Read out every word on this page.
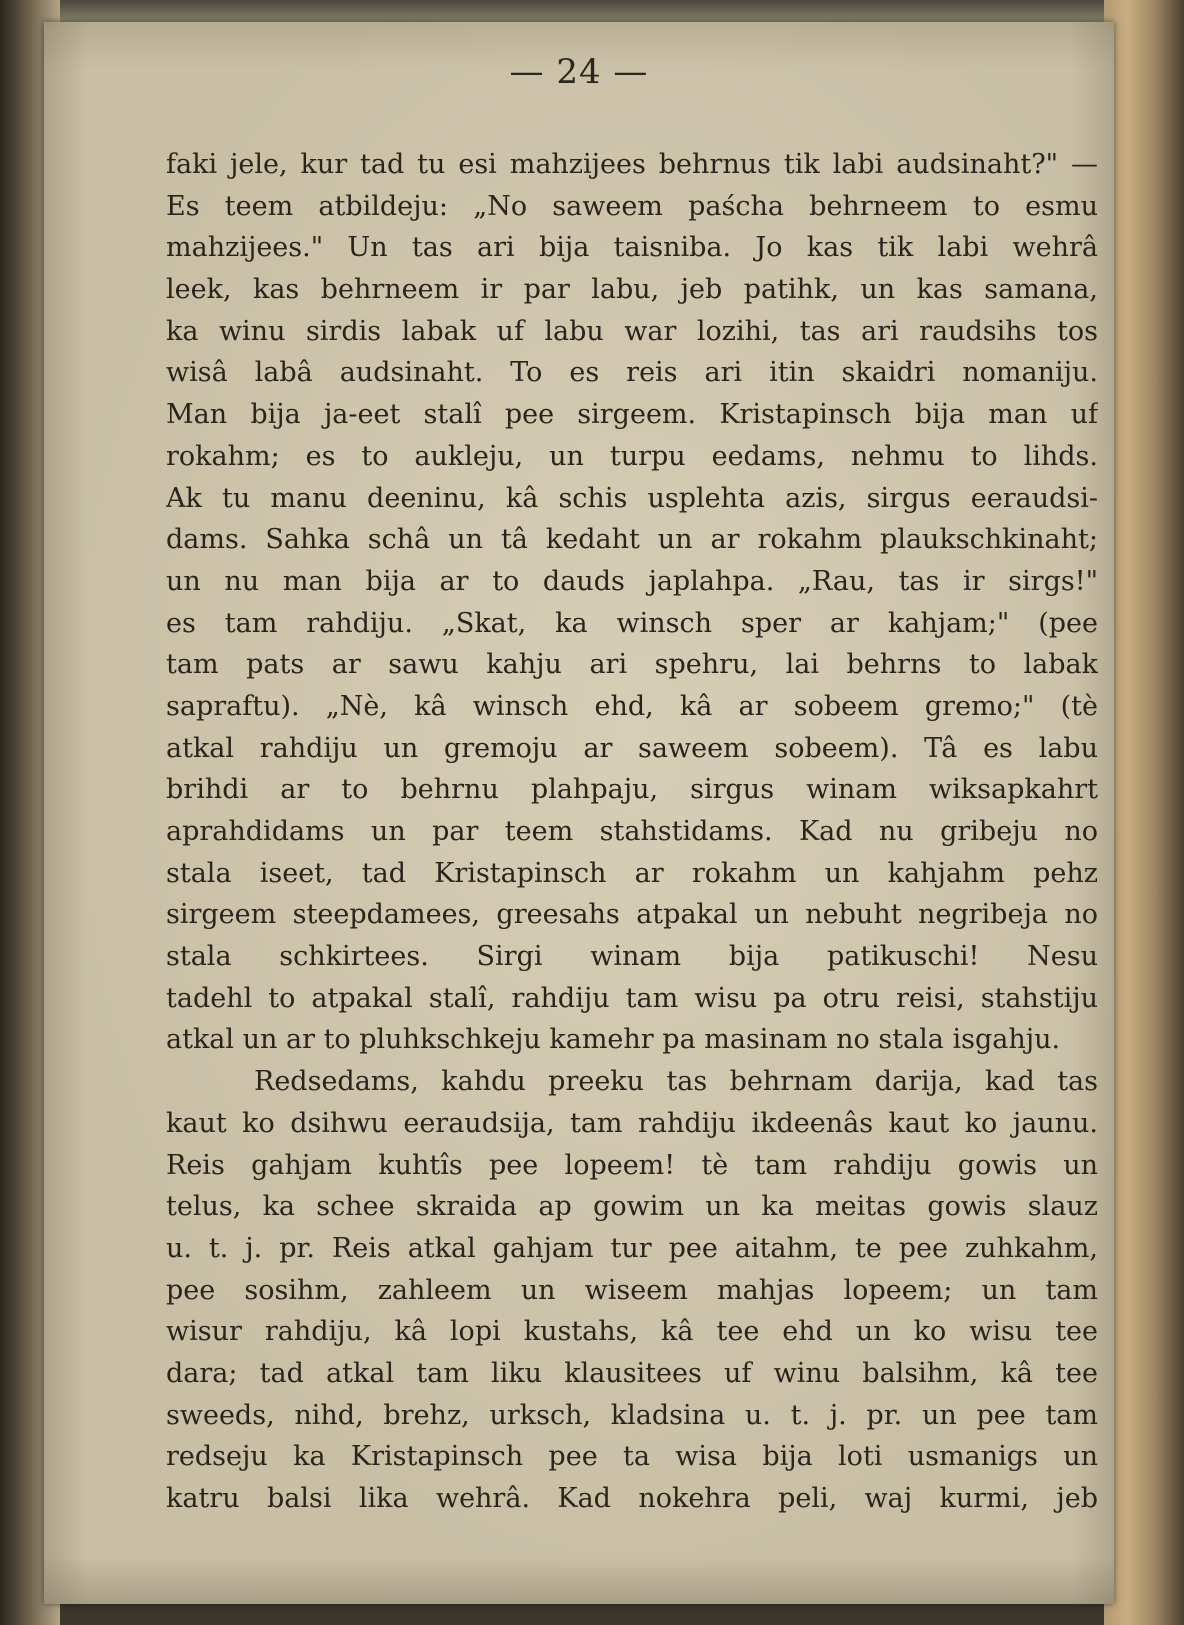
— 24 —
faki jele, kur tad tu esi mahzijees behrnus tik labi audsinaht?" —
Es teem atbildeju: „No saweem paścha behrneem to esmu
mahzijees." Un tas ari bija taisniba. Jo kas tik labi wehrâ
leek, kas behrneem ir par labu, jeb patihk, un kas samana,
ka winu sirdis labak uf labu war lozihi, tas ari raudsihs tos
wisâ labâ audsinaht. To es reis ari itin skaidri nomaniju.
Man bija ja-eet stalî pee sirgeem. Kristapinsch bija man uf
rokahm; es to aukleju, un turpu eedams, nehmu to lihds.
Ak tu manu deeninu, kâ schis usplehta azis, sirgus eeraudsi-
dams. Sahka schâ un tâ kedaht un ar rokahm plaukschkinaht;
un nu man bija ar to dauds japlahpa. „Rau, tas ir sirgs!"
es tam rahdiju. „Skat, ka winsch sper ar kahjam;" (pee
tam pats ar sawu kahju ari spehru, lai behrns to labak
sapraftu). „Nè, kâ winsch ehd, kâ ar sobeem gremo;" (tè
atkal rahdiju un gremoju ar saweem sobeem). Tâ es labu
brihdi ar to behrnu plahpaju, sirgus winam wiksapkahrt
aprahdidams un par teem stahstidams. Kad nu gribeju no
stala iseet, tad Kristapinsch ar rokahm un kahjahm pehz
sirgeem steepdamees, greesahs atpakal un nebuht negribeja no
stala schkirtees. Sirgi winam bija patikuschi! Nesu
tadehl to atpakal stalî, rahdiju tam wisu pa otru reisi, stahstiju
atkal un ar to pluhkschkeju kamehr pa masinam no stala isgahju.
Redsedams, kahdu preeku tas behrnam darija, kad tas
kaut ko dsihwu eeraudsija, tam rahdiju ikdeenâs kaut ko jaunu.
Reis gahjam kuhtîs pee lopeem! tè tam rahdiju gowis un
telus, ka schee skraida ap gowim un ka meitas gowis slauz
u. t. j. pr. Reis atkal gahjam tur pee aitahm, te pee zuhkahm,
pee sosihm, zahleem un wiseem mahjas lopeem; un tam
wisur rahdiju, kâ lopi kustahs, kâ tee ehd un ko wisu tee
dara; tad atkal tam liku klausitees uf winu balsihm, kâ tee
sweeds, nihd, brehz, urksch, kladsina u. t. j. pr. un pee tam
redseju ka Kristapinsch pee ta wisa bija loti usmanigs un
katru balsi lika wehrâ. Kad nokehra peli, waj kurmi, jeb
